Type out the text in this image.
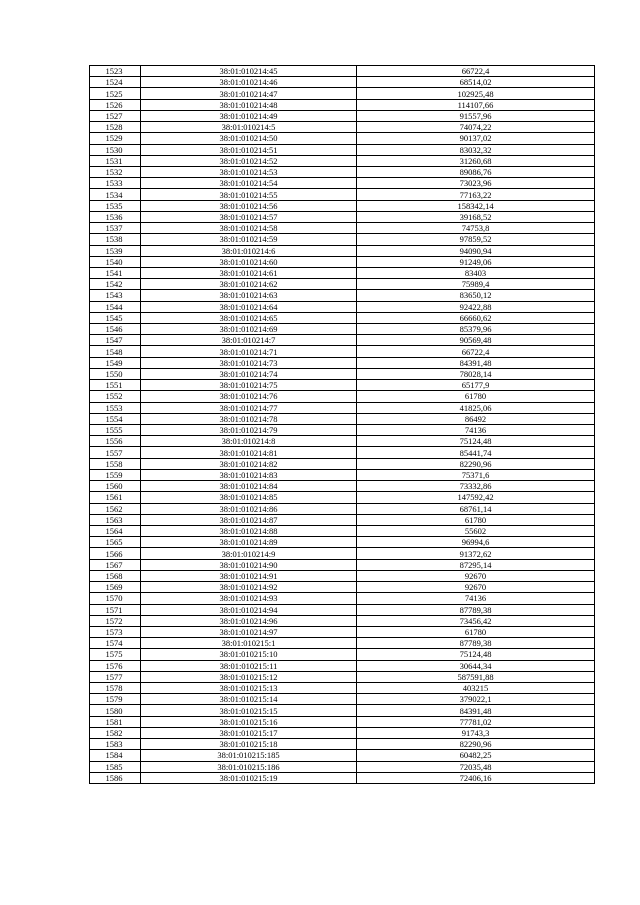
1523	38:01:010214:45	66722,4
1524	38:01:010214:46	68514,02
1525	38:01:010214:47	102925,48
1526	38:01:010214:48	114107,66
1527	38:01:010214:49	91557,96
1528	38:01:010214:5	74074,22
1529	38:01:010214:50	90137,02
1530	38:01:010214:51	83032,32
1531	38:01:010214:52	31260,68
1532	38:01:010214:53	89086,76
1533	38:01:010214:54	73023,96
1534	38:01:010214:55	77163,22
1535	38:01:010214:56	158342,14
1536	38:01:010214:57	39168,52
1537	38:01:010214:58	74753,8
1538	38:01:010214:59	97859,52
1539	38:01:010214:6	94090,94
1540	38:01:010214:60	91249,06
1541	38:01:010214:61	83403
1542	38:01:010214:62	75989,4
1543	38:01:010214:63	83650,12
1544	38:01:010214:64	92422,88
1545	38:01:010214:65	66660,62
1546	38:01:010214:69	85379,96
1547	38:01:010214:7	90569,48
1548	38:01:010214:71	66722,4
1549	38:01:010214:73	84391,48
1550	38:01:010214:74	78028,14
1551	38:01:010214:75	65177,9
1552	38:01:010214:76	61780
1553	38:01:010214:77	41825,06
1554	38:01:010214:78	86492
1555	38:01:010214:79	74136
1556	38:01:010214:8	75124,48
1557	38:01:010214:81	85441,74
1558	38:01:010214:82	82290,96
1559	38:01:010214:83	75371,6
1560	38:01:010214:84	73332,86
1561	38:01:010214:85	147592,42
1562	38:01:010214:86	68761,14
1563	38:01:010214:87	61780
1564	38:01:010214:88	55602
1565	38:01:010214:89	96994,6
1566	38:01:010214:9	91372,62
1567	38:01:010214:90	87295,14
1568	38:01:010214:91	92670
1569	38:01:010214:92	92670
1570	38:01:010214:93	74136
1571	38:01:010214:94	87789,38
1572	38:01:010214:96	73456,42
1573	38:01:010214:97	61780
1574	38:01:010215:1	87789,38
1575	38:01:010215:10	75124,48
1576	38:01:010215:11	30644,34
1577	38:01:010215:12	587591,88
1578	38:01:010215:13	403215
1579	38:01:010215:14	379022,1
1580	38:01:010215:15	84391,48
1581	38:01:010215:16	77781,02
1582	38:01:010215:17	91743,3
1583	38:01:010215:18	82290,96
1584	38:01:010215:185	60482,25
1585	38:01:010215:186	72035,48
1586	38:01:010215:19	72406,16
